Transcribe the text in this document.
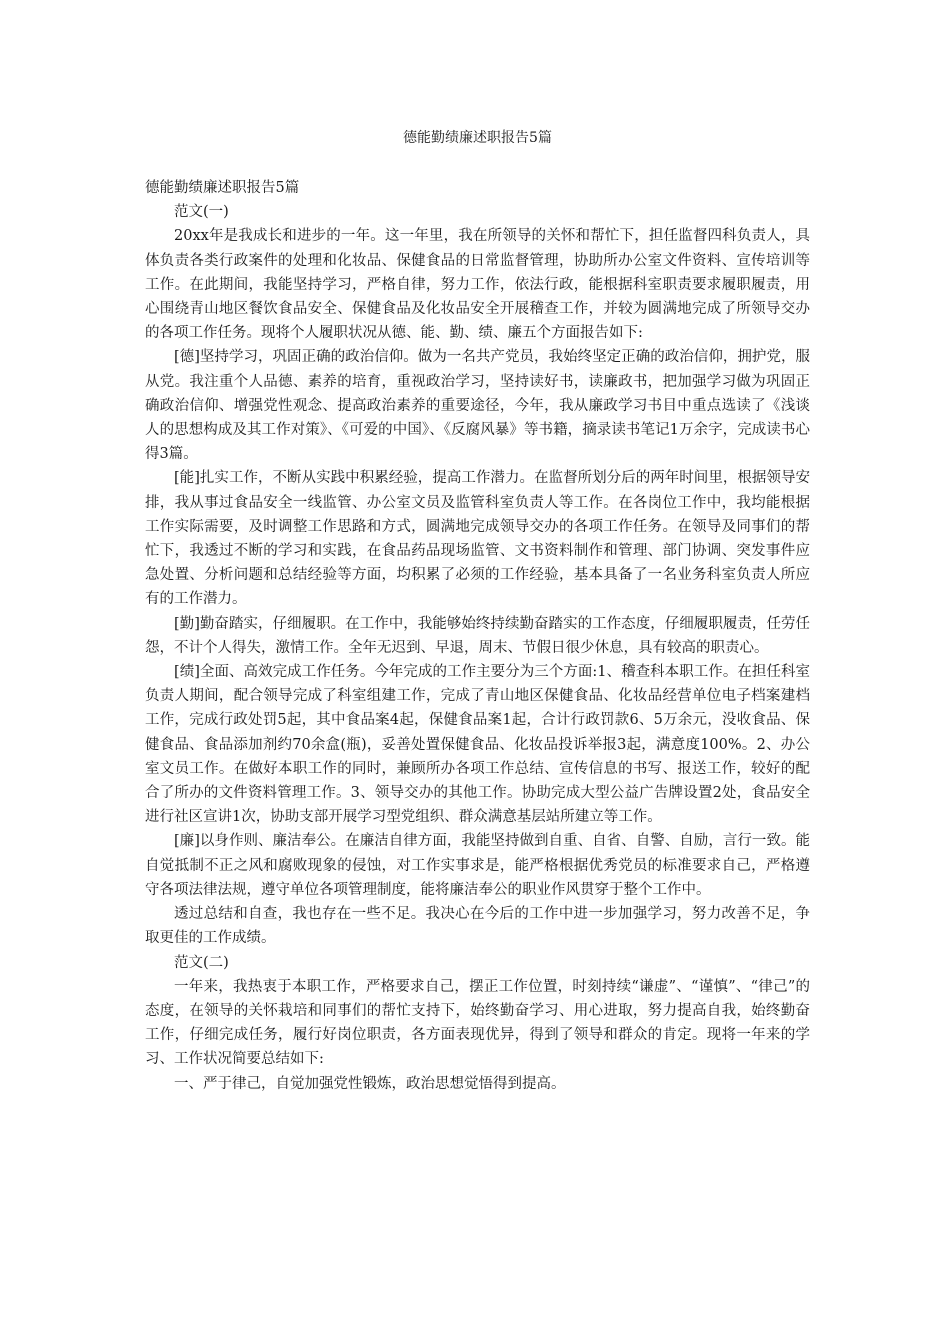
德能勤绩廉述职报告5篇

德能勤绩廉述职报告5篇

范文(一)

20xx年是我成长和进步的一年。这一年里，我在所领导的关怀和帮忙下，担任监督四科负责人，具体负责各类行政案件的处理和化妆品、保健食品的日常监督管理，协助所办公室文件资料、宣传培训等工作。在此期间，我能坚持学习，严格自律，努力工作，依法行政，能根据科室职责要求履职履责，用心围绕青山地区餐饮食品安全、保健食品及化妆品安全开展稽查工作，并较为圆满地完成了所领导交办的各项工作任务。现将个人履职状况从德、能、勤、绩、廉五个方面报告如下:

[德]坚持学习，巩固正确的政治信仰。做为一名共产党员，我始终坚定正确的政治信仰，拥护党，服从党。我注重个人品德、素养的培育，重视政治学习，坚持读好书，读廉政书，把加强学习做为巩固正确政治信仰、增强党性观念、提高政治素养的重要途径，今年，我从廉政学习书目中重点选读了《浅谈人的思想构成及其工作对策》、《可爱的中国》、《反腐风暴》等书籍，摘录读书笔记1万余字，完成读书心得3篇。

[能]扎实工作，不断从实践中积累经验，提高工作潜力。在监督所划分后的两年时间里，根据领导安排，我从事过食品安全一线监管、办公室文员及监管科室负责人等工作。在各岗位工作中，我均能根据工作实际需要，及时调整工作思路和方式，圆满地完成领导交办的各项工作任务。在领导及同事们的帮忙下，我透过不断的学习和实践，在食品药品现场监管、文书资料制作和管理、部门协调、突发事件应急处置、分析问题和总结经验等方面，均积累了必须的工作经验，基本具备了一名业务科室负责人所应有的工作潜力。

[勤]勤奋踏实，仔细履职。在工作中，我能够始终持续勤奋踏实的工作态度，仔细履职履责，任劳任怨，不计个人得失，激情工作。全年无迟到、早退，周末、节假日很少休息，具有较高的职责心。

[绩]全面、高效完成工作任务。今年完成的工作主要分为三个方面:1、稽查科本职工作。在担任科室负责人期间，配合领导完成了科室组建工作，完成了青山地区保健食品、化妆品经营单位电子档案建档工作，完成行政处罚5起，其中食品案4起，保健食品案1起，合计行政罚款6、5万余元，没收食品、保健食品、食品添加剂约70余盒(瓶)，妥善处置保健食品、化妆品投诉举报3起，满意度100%。2、办公室文员工作。在做好本职工作的同时，兼顾所办各项工作总结、宣传信息的书写、报送工作，较好的配合了所办的文件资料管理工作。3、领导交办的其他工作。协助完成大型公益广告牌设置2处，食品安全进行社区宣讲1次，协助支部开展学习型党组织、群众满意基层站所建立等工作。

[廉]以身作则、廉洁奉公。在廉洁自律方面，我能坚持做到自重、自省、自警、自励，言行一致。能自觉抵制不正之风和腐败现象的侵蚀，对工作实事求是，能严格根据优秀党员的标准要求自己，严格遵守各项法律法规，遵守单位各项管理制度，能将廉洁奉公的职业作风贯穿于整个工作中。

透过总结和自查，我也存在一些不足。我决心在今后的工作中进一步加强学习，努力改善不足，争取更佳的工作成绩。

范文(二)

一年来，我热衷于本职工作，严格要求自己，摆正工作位置，时刻持续“谦虚”、“谨慎”、“律己”的态度，在领导的关怀栽培和同事们的帮忙支持下，始终勤奋学习、用心进取，努力提高自我，始终勤奋工作，仔细完成任务，履行好岗位职责，各方面表现优异，得到了领导和群众的肯定。现将一年来的学习、工作状况简要总结如下:

一、严于律己，自觉加强党性锻炼，政治思想觉悟得到提高。
